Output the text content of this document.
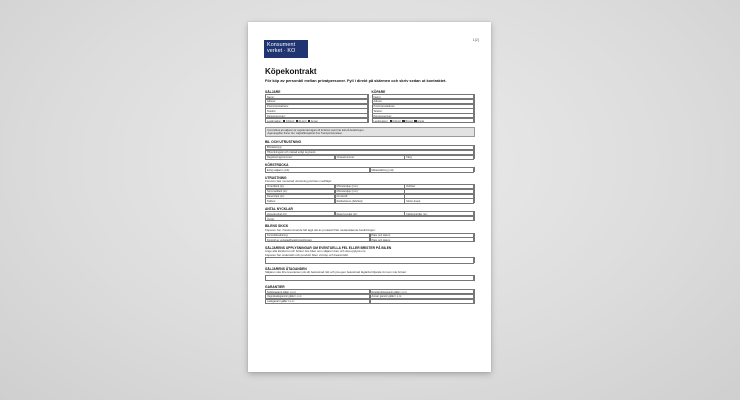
Konsument
verket · KO
1(2)
Köpekontrakt
För köp av personbil mellan privatpersoner. Fyll i direkt på skärmen och skriv sedan ut kontraktet.
SÄLJARE
Namn:
Adress:
Postnr/postadress:
Telefon:
Personnummer:
Legitimation: Körkort ID-kort Annat
KÖPARE
Namn:
Adress:
Postnr/postadress:
Telefon:
Personnummer:
Legitimation: Körkort ID-kort Annat
Kontrollera att säljaren är registrerad ägare till fordonet samt har koll på betalningen.
Ägaruppgifter finner du i vägtrafikregistret hos Transportstyrelsen.
BIL OCH UTRUSTNING
Bilmärke/typ:
Tillverkningsår och månad enligt reg.bevis:
Registreringsnummer:	Chassinummer:	Färg:
KÖRSTRÄCKA
Enligt säljaren (mil):	Mätarställning (mil):
UTRUSTNING
Förutom fast monterad utrustning på bilen medföljer:
Vinterdäck (st):	Mönsterdjup (mm):	Dubbat:
Sommardäck (st):	Mönsterdjup (mm):
Reservhjul (st):	Domkraft:
Takbox:	Radio/stereo (fabrikat):	Motor-/kupé:
ANTAL NYCKLAR
Huvudnyckel (st):	Reservnyckel (st):	Fjärrkontroller (st):
Övrigt:
BILENS SKICK
Köparen har i förekommande fall tagit del av protokoll från nedanstående besiktningar:
Kontrollbesiktning:	Plats och datum:
Kontroll av verkstad/besiktningsföretag:	Plats och datum:
SÄLJARENS UPPLYSNINGAR OM EVENTUELLA FEL ELLER BRISTER PÅ BILEN
Ange alla kända fel och brister hos bilen som säljaren kan och ska upplysa om.
Köparen har undersökt och provkört bilen vid köp och beanmärkt.
SÄLJARENS ÅTAGANDEN
Säljaren ska före leveransen på sitt bekostnad rätt och på egen bekostnad åtgärda följande fel som inte brister:
GARANTIER
Nybilsgaranti gäller t.o.m:	Rostskyddsgaranti gäller t.o.m:
Vagnskadegaranti gäller t.o.m:	Annan garanti gäller t.o.m:
Lackgaranti gäller t.o.m:
